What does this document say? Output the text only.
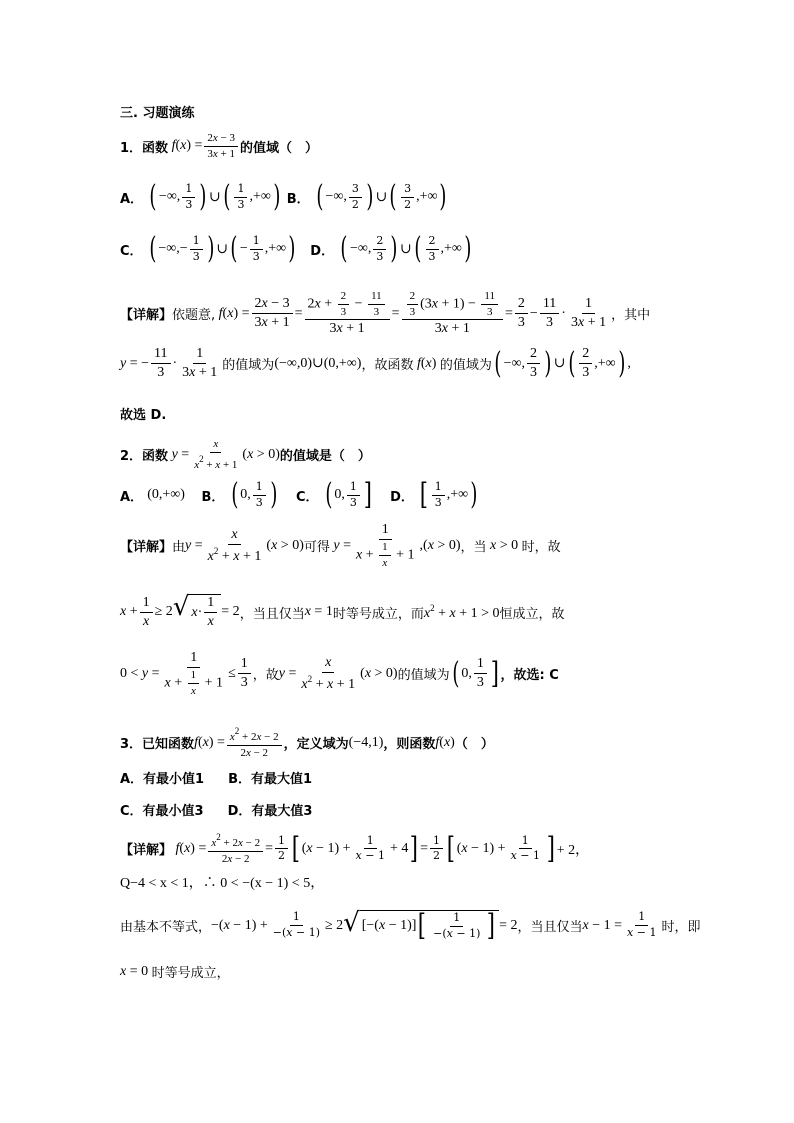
三. 习题演练
1． 函数 f ( x ) = $\frac{2x - 3}{3x + 1}$ 的值域（　）
A．
( −∞, $\frac{1}{3}$ ) ∪ ( $\frac{1}{3}$ ,+∞ )
B．
( −∞, $\frac{3}{2}$ ) ∪ ( $\frac{3}{2}$ ,+∞ )
C．
( −∞,− $\frac{1}{3}$ ) ∪ ( − $\frac{1}{3}$ ,+∞ )
D．
( −∞, $\frac{2}{3}$ ) ∪ ( $\frac{2}{3}$ ,+∞ )
【详解】 依题意, f $(x) = \frac{2x - 3}{3x + 1} = \frac{2x + \frac{2}{3} - \frac{11}{3}}{3x + 1} = \frac{\frac{2}{3} (3x + 1) - \frac{11}{3}}{3x + 1} = \frac{2}{3} - \frac{11}{3} \cdot \frac{1}{3x + 1}$ ，其中
y = − $\frac{11}{3} \cdot \frac{1}{3x + 1}$ 的值域为 (−∞,0)∪(0,+∞) ，故函数 f (x) 的值域为 ( −∞, $\frac{2}{3}$ ) ∪ ( $\frac{2}{3}$ ,+∞ ) ,
故选 D.
2． 函数 $y = \frac{x}{x^2 + x + 1} (x > 0)$ 的值域是（　）
A．
(0,+∞)
B．
( 0, $\frac{1}{3}$ )
C．
( 0, $\frac{1}{3}$ ]
D．
[ $\frac{1}{3}$ ,+∞ )
【详解】 由 $y = \frac{x}{x^2 + x + 1} (x > 0)$ 可得 $y = \frac{1}{x + \frac{1}{x} + 1} ,(x > 0)$ ，当 x > 0 时，故
$x + \frac{1}{x} \ge 2$ √ $x \cdot \frac{1}{x} = 2$ ，当且仅当 x = 1 时等号成立，而 $x^2 + x + 1 > 0$ 恒成立，故
$0 < y = \frac{1}{x + \frac{1}{x} + 1} \le \frac{1}{3}$ ，故 $y = \frac{x}{x^2 + x + 1} (x > 0)$ 的值域为 ( 0, $\frac{1}{3}$ ] ，故选: C
3． 已知函数 f $(x) = \frac{x^2 + 2x - 2}{2x - 2}$ ，定义域为 (−4,1) ，则函数 f (x) （　）
A．有最小值1 B．有最大值1
C．有最小值3 D．有最大值3
【详解】 f $(x) = \frac{x^2 + 2x - 2}{2x - 2} = \frac{1}{2}$ [ $(x - 1) + \frac{1}{x - 1} + 4$ ] = $\frac{1}{2}$ [ $(x - 1) + \frac{1}{x - 1}$ ] + 2，
Q−4 < x < 1，∴ 0 < −(x − 1) < 5，
由基本不等式， $-(x - 1) + \frac{1}{-(x - 1)} \ge 2$ √ [−(x − 1)] [ $\frac{1}{-(x - 1)}$ ] = 2 ，当且仅当 $x - 1 = \frac{1}{x - 1}$ 时，即
x = 0 时等号成立，
